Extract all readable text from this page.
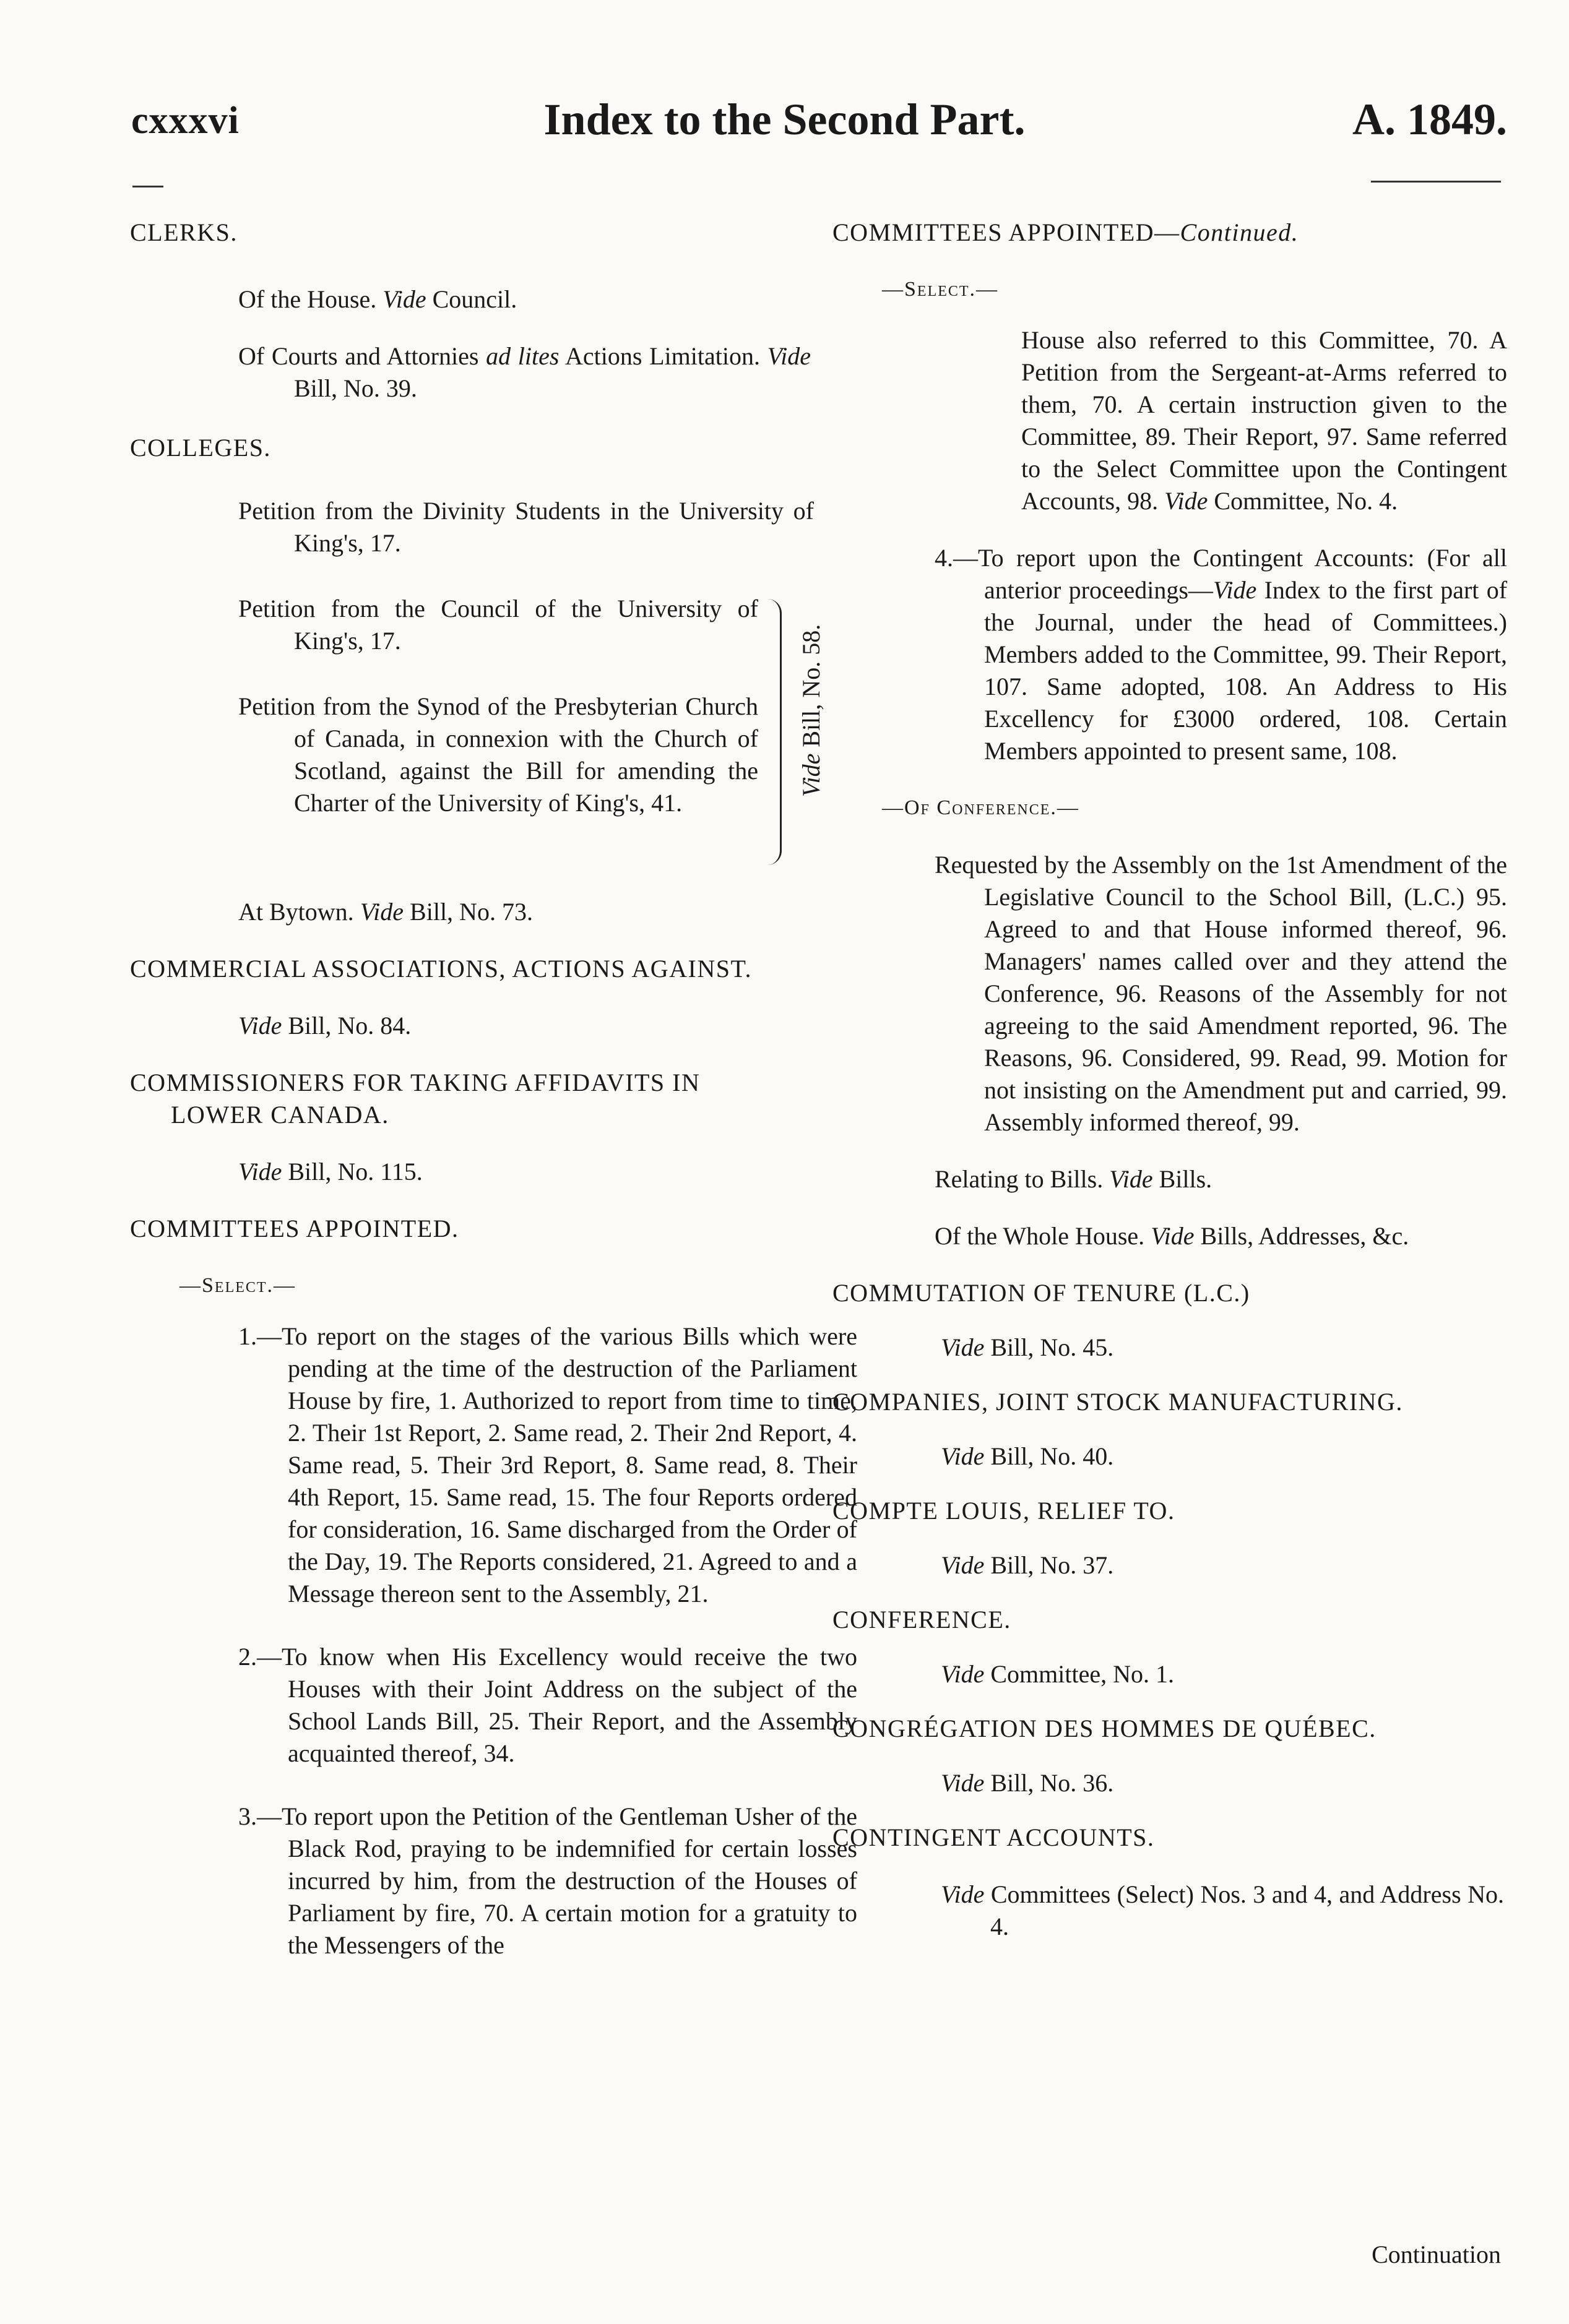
cxxxvi	Index to the Second Part.	A. 1849.
CLERKS.
Of the House. Vide Council.
Of Courts and Attornies ad lites Actions Limitation. Vide Bill, No. 39.
COLLEGES.
Petition from the Divinity Students in the University of King's, 17.
Petition from the Council of the University of King's, 17.
Petition from the Synod of the Presbyterian Church of Canada, in connexion with the Church of Scotland, against the Bill for amending the Charter of the University of King's, 41.
Vide Bill, No. 58.
At Bytown. Vide Bill, No. 73.
COMMERCIAL ASSOCIATIONS, ACTIONS AGAINST.
Vide Bill, No. 84.
COMMISSIONERS FOR TAKING AFFIDAVITS IN
LOWER CANADA.
Vide Bill, No. 115.
COMMITTEES APPOINTED.
—Select.—
1.—To report on the stages of the various Bills which were pending at the time of the destruction of the Parliament House by fire, 1. Authorized to report from time to time, 2. Their 1st Report, 2. Same read, 2. Their 2nd Report, 4. Same read, 5. Their 3rd Report, 8. Same read, 8. Their 4th Report, 15. Same read, 15. The four Reports ordered for consideration, 16. Same discharged from the Order of the Day, 19. The Reports considered, 21. Agreed to and a Message thereon sent to the Assembly, 21.
2.—To know when His Excellency would receive the two Houses with their Joint Address on the subject of the School Lands Bill, 25. Their Report, and the Assembly acquainted thereof, 34.
3.—To report upon the Petition of the Gentleman Usher of the Black Rod, praying to be indemnified for certain losses incurred by him, from the destruction of the Houses of Parliament by fire, 70. A certain motion for a gratuity to the Messengers of the
COMMITTEES APPOINTED—Continued.
—Select.—
House also referred to this Committee, 70. A Petition from the Sergeant-at-Arms referred to them, 70. A certain instruction given to the Committee, 89. Their Report, 97. Same referred to the Select Committee upon the Contingent Accounts, 98. Vide Committee, No. 4.
4.—To report upon the Contingent Accounts: (For all anterior proceedings—Vide Index to the first part of the Journal, under the head of Committees.) Members added to the Committee, 99. Their Report, 107. Same adopted, 108. An Address to His Excellency for £3000 ordered, 108. Certain Members appointed to present same, 108.
—Of Conference.—
Requested by the Assembly on the 1st Amendment of the Legislative Council to the School Bill, (L.C.) 95. Agreed to and that House informed thereof, 96. Managers' names called over and they attend the Conference, 96. Reasons of the Assembly for not agreeing to the said Amendment reported, 96. The Reasons, 96. Considered, 99. Read, 99. Motion for not insisting on the Amendment put and carried, 99. Assembly informed thereof, 99.
Relating to Bills. Vide Bills.
Of the Whole House. Vide Bills, Addresses, &c.
COMMUTATION OF TENURE (L.C.)
Vide Bill, No. 45.
COMPANIES, JOINT STOCK MANUFACTURING.
Vide Bill, No. 40.
COMPTE LOUIS, RELIEF TO.
Vide Bill, No. 37.
CONFERENCE.
Vide Committee, No. 1.
CONGRÉGATION DES HOMMES DE QUÉBEC.
Vide Bill, No. 36.
CONTINGENT ACCOUNTS.
Vide Committees (Select) Nos. 3 and 4, and Address No. 4.
Continuation
